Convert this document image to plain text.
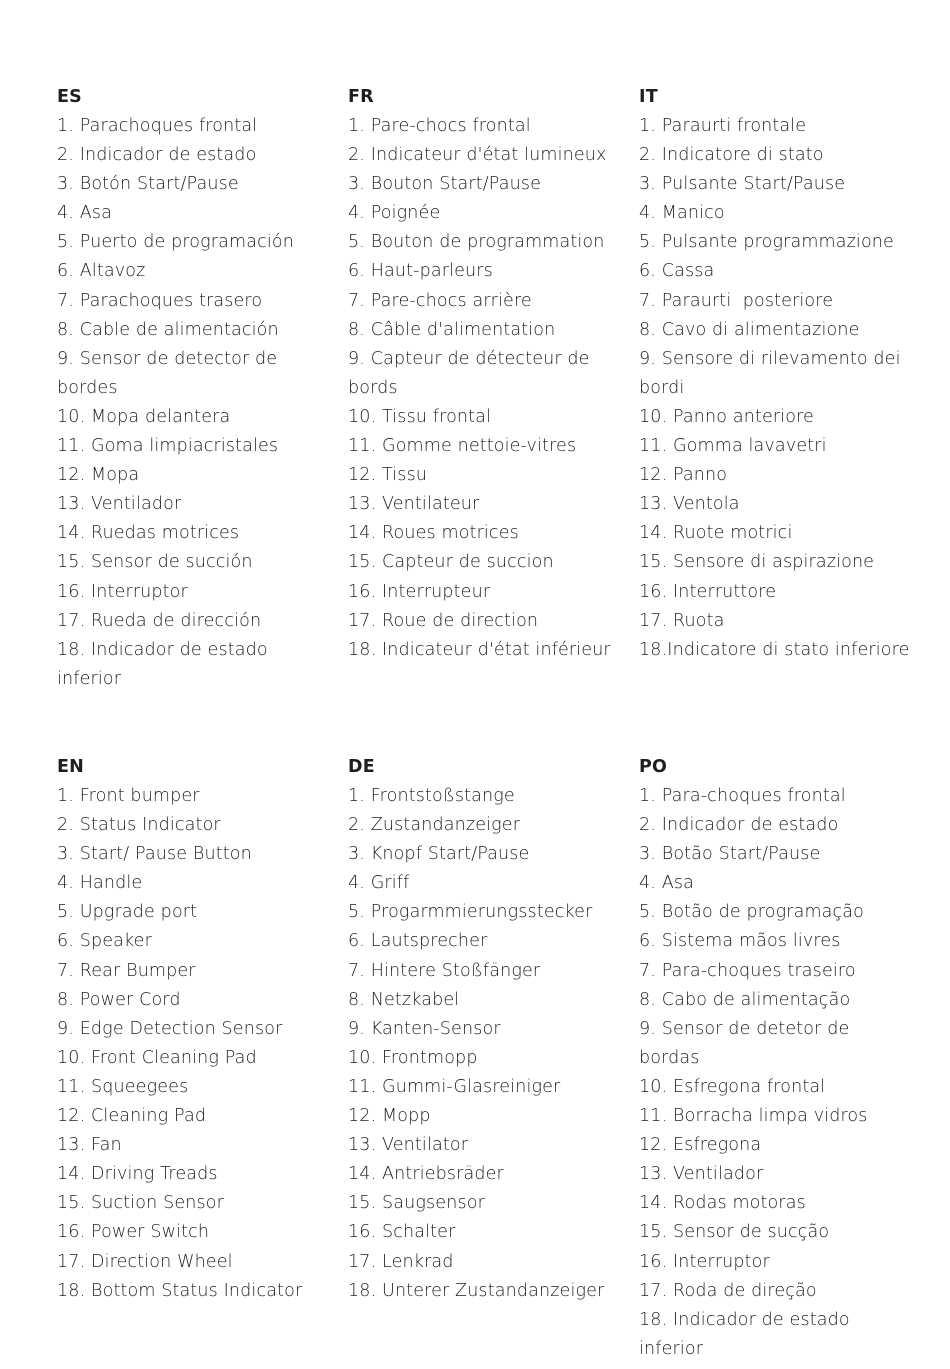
ES
1. Parachoques frontal
2. Indicador de estado
3. Botón Start/Pause
4. Asa
5. Puerto de programación
6. Altavoz
7. Parachoques trasero
8. Cable de alimentación
9. Sensor de detector de
bordes
10. Mopa delantera
11. Goma limpiacristales
12. Mopa
13. Ventilador
14. Ruedas motrices
15. Sensor de succión
16. Interruptor
17. Rueda de dirección
18. Indicador de estado
inferior
FR
1. Pare-chocs frontal
2. Indicateur d'état lumineux
3. Bouton Start/Pause
4. Poignée
5. Bouton de programmation
6. Haut-parleurs
7. Pare-chocs arrière
8. Câble d'alimentation
9. Capteur de détecteur de
bords
10. Tissu frontal
11. Gomme nettoie-vitres
12. Tissu
13. Ventilateur
14. Roues motrices
15. Capteur de succion
16. Interrupteur
17. Roue de direction
18. Indicateur d'état inférieur
IT
1. Paraurti frontale
2. Indicatore di stato
3. Pulsante Start/Pause
4. Manico
5. Pulsante programmazione
6. Cassa
7. Paraurti  posteriore
8. Cavo di alimentazione
9. Sensore di rilevamento dei
bordi
10. Panno anteriore
11. Gomma lavavetri
12. Panno
13. Ventola
14. Ruote motrici
15. Sensore di aspirazione
16. Interruttore
17. Ruota
18.Indicatore di stato inferiore
EN
1. Front bumper
2. Status Indicator
3. Start/ Pause Button
4. Handle
5. Upgrade port
6. Speaker
7. Rear Bumper
8. Power Cord
9. Edge Detection Sensor
10. Front Cleaning Pad
11. Squeegees
12. Cleaning Pad
13. Fan
14. Driving Treads
15. Suction Sensor
16. Power Switch
17. Direction Wheel
18. Bottom Status Indicator
DE
1. Frontstoßstange
2. Zustandanzeiger
3. Knopf Start/Pause
4. Griff
5. Progarmmierungsstecker
6. Lautsprecher
7. Hintere Stoßfänger
8. Netzkabel
9. Kanten-Sensor
10. Frontmopp
11. Gummi-Glasreiniger
12. Mopp
13. Ventilator
14. Antriebsräder
15. Saugsensor
16. Schalter
17. Lenkrad
18. Unterer Zustandanzeiger
PO
1. Para-choques frontal
2. Indicador de estado
3. Botão Start/Pause
4. Asa
5. Botão de programação
6. Sistema mãos livres
7. Para-choques traseiro
8. Cabo de alimentação
9. Sensor de detetor de
bordas
10. Esfregona frontal
11. Borracha limpa vidros
12. Esfregona
13. Ventilador
14. Rodas motoras
15. Sensor de sucção
16. Interruptor
17. Roda de direção
18. Indicador de estado
inferior
